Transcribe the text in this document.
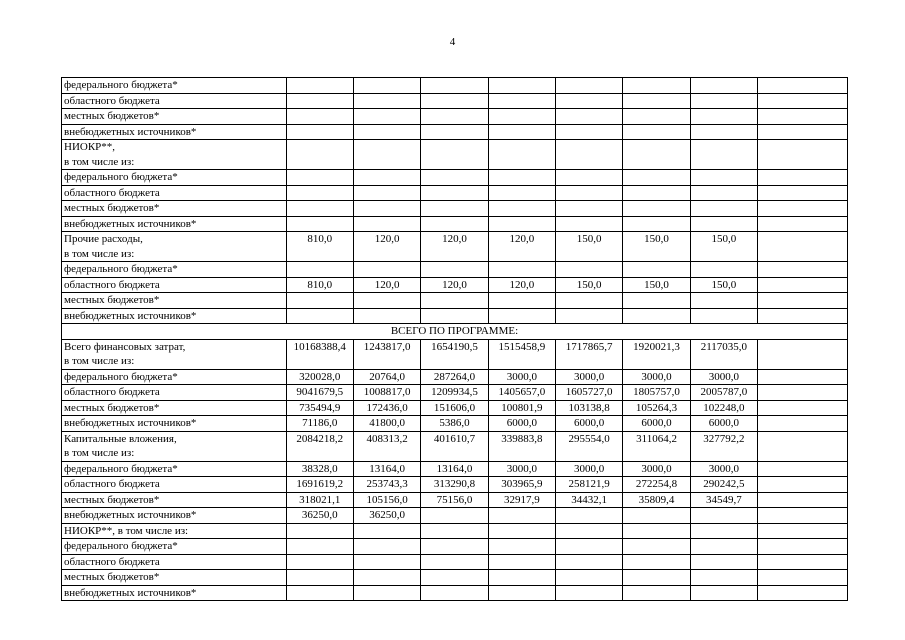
4
федерального бюджета*								

областного бюджета								

местных бюджетов*								

внебюджетных источников*								

НИОКР**,
в том числе из:								

федерального бюджета*								

областного бюджета								

местных бюджетов*								

внебюджетных источников*								

Прочие расходы,
в том числе из:	810,0	120,0	120,0	120,0	150,0	150,0	150,0	

федерального бюджета*								

областного бюджета	810,0	120,0	120,0	120,0	150,0	150,0	150,0	

местных бюджетов*								

внебюджетных источников*								

ВСЕГО ПО ПРОГРАММЕ:								

Всего финансовых затрат,
в том числе из:	10168388,4	1243817,0	1654190,5	1515458,9	1717865,7	1920021,3	2117035,0	

федерального бюджета*	320028,0	20764,0	287264,0	3000,0	3000,0	3000,0	3000,0	

областного бюджета	9041679,5	1008817,0	1209934,5	1405657,0	1605727,0	1805757,0	2005787,0	

местных бюджетов*	735494,9	172436,0	151606,0	100801,9	103138,8	105264,3	102248,0	

внебюджетных источников*	71186,0	41800,0	5386,0	6000,0	6000,0	6000,0	6000,0	

Капитальные вложения,
в том числе из:	2084218,2	408313,2	401610,7	339883,8	295554,0	311064,2	327792,2	

федерального бюджета*	38328,0	13164,0	13164,0	3000,0	3000,0	3000,0	3000,0	

областного бюджета	1691619,2	253743,3	313290,8	303965,9	258121,9	272254,8	290242,5	

местных бюджетов*	318021,1	105156,0	75156,0	32917,9	34432,1	35809,4	34549,7	

внебюджетных источников*	36250,0	36250,0						

НИОКР**, в том числе из:								

федерального бюджета*								

областного бюджета								

местных бюджетов*								

внебюджетных источников*								
